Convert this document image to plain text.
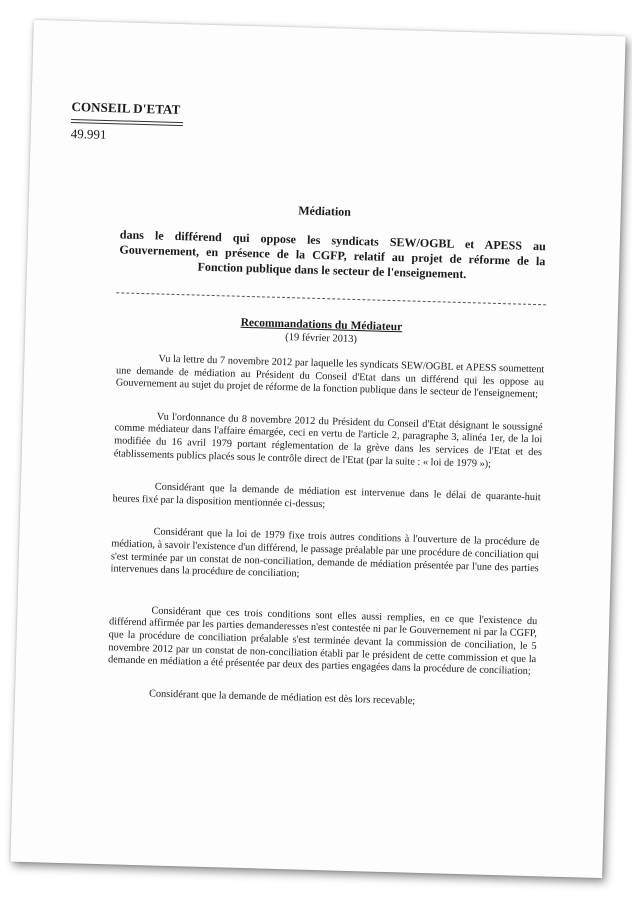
CONSEIL D'ETAT
49.991
Médiation
dans le différend qui oppose les syndicats SEW/OGBL et APESS au Gouvernement, en présence de la CGFP, relatif au projet de réforme de la Fonction publique dans le secteur de l'enseignement.
Recommandations du Médiateur
(19 février 2013)

Vu la lettre du 7 novembre 2012 par laquelle les syndicats SEW/OGBL et APESS soumettent une demande de médiation au Président du Conseil d'Etat dans un différend qui les oppose au Gouvernement au sujet du projet de réforme de la fonction publique dans le secteur de l'enseignement;

Vu l'ordonnance du 8 novembre 2012 du Président du Conseil d'Etat désignant le soussigné comme médiateur dans l'affaire émargée, ceci en vertu de l'article 2, paragraphe 3, alinéa 1er, de la loi modifiée du 16 avril 1979 portant réglementation de la grève dans les services de l'Etat et des établissements publics placés sous le contrôle direct de l'Etat (par la suite : « loi de 1979 »);

Considérant que la demande de médiation est intervenue dans le délai de quarante-huit heures fixé par la disposition mentionnée ci-dessus;

Considérant que la loi de 1979 fixe trois autres conditions à l'ouverture de la procédure de médiation, à savoir l'existence d'un différend, le passage préalable par une procédure de conciliation qui s'est terminée par un constat de non-conciliation, demande de médiation présentée par l'une des parties intervenues dans la procédure de conciliation;

Considérant que ces trois conditions sont elles aussi remplies, en ce que l'existence du différend affirmée par les parties demanderesses n'est contestée ni par le Gouvernement ni par la CGFP, que la procédure de conciliation préalable s'est terminée devant la commission de conciliation, le 5 novembre 2012 par un constat de non-conciliation établi par le président de cette commission et que la demande en médiation a été présentée par deux des parties engagées dans la procédure de conciliation;

Considérant que la demande de médiation est dès lors recevable;
